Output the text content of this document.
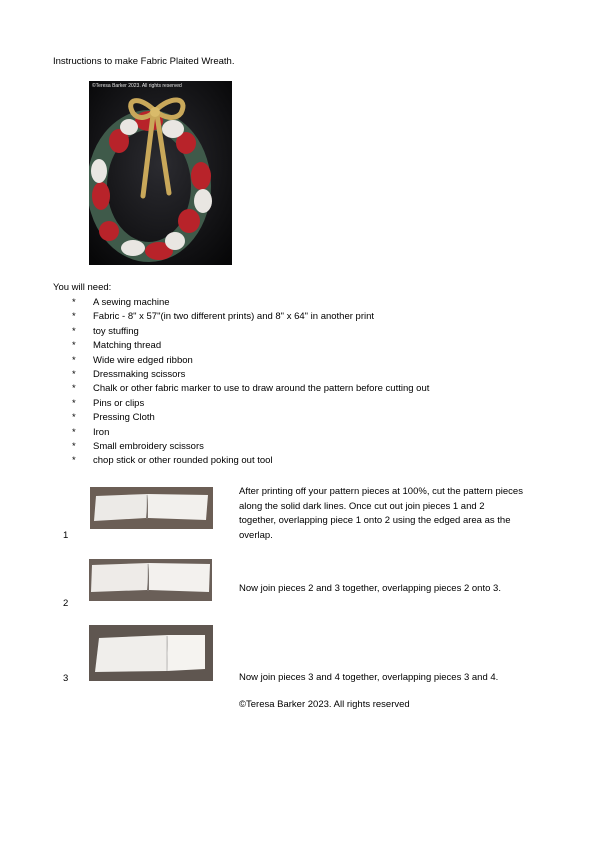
Instructions to make Fabric Plaited Wreath.
©Teresa Barker 2023. All rights reserved
You will need:
*	A sewing machine
*	Fabric - 8" x 57"(in two different prints) and 8" x 64" in another print
*	toy stuffing
*	Matching thread
*	Wide wire edged ribbon
*	Dressmaking scissors
*	Chalk or other fabric marker to use to draw around the pattern before cutting out
*	Pins or clips
*	Pressing Cloth
*	Iron
*	Small embroidery scissors
*	chop stick or other rounded poking out tool
1
After printing off your pattern pieces at 100%, cut the pattern pieces along the solid dark lines. Once cut out join pieces 1 and 2 together, overlapping piece 1 onto 2 using the edged area as the overlap.
2
Now join pieces 2 and 3 together, overlapping pieces 2 onto 3.
3	Now join pieces 3 and 4 together, overlapping pieces 3 and 4.
©Teresa Barker 2023. All rights reserved
